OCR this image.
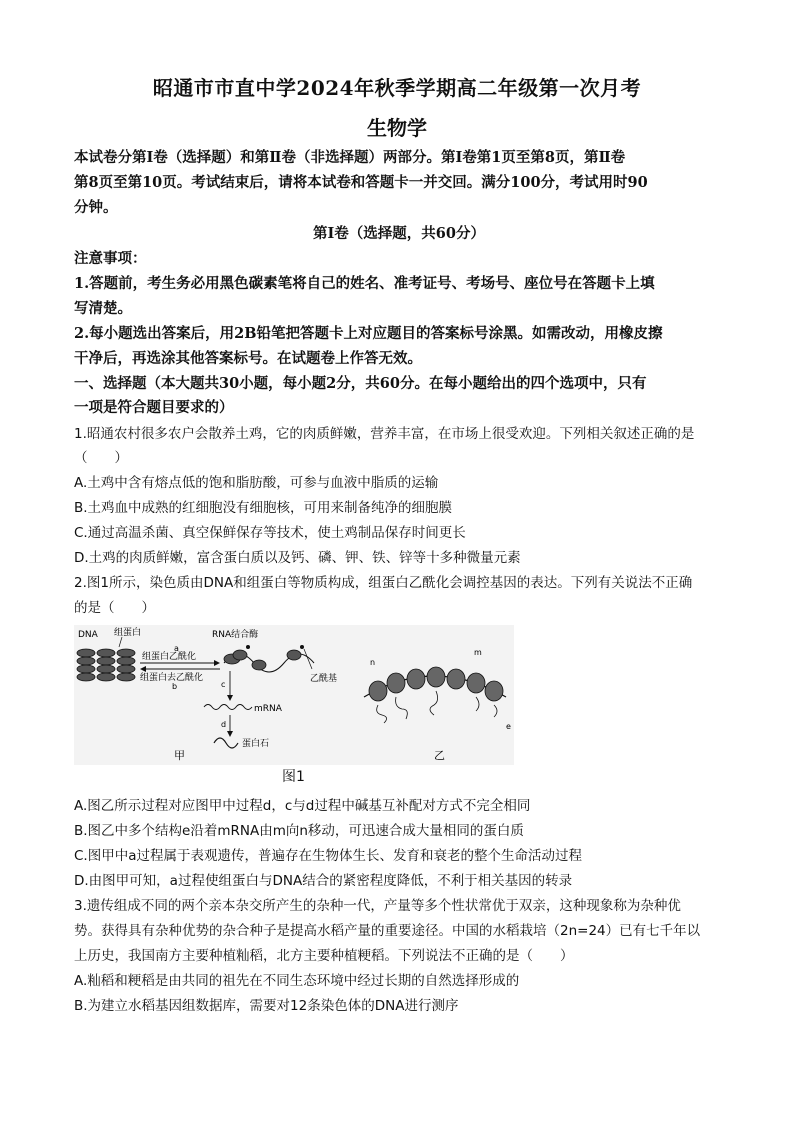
昭通市市直中学2024年秋季学期高二年级第一次月考
生物学
本试卷分第Ⅰ卷（选择题）和第Ⅱ卷（非选择题）两部分。第Ⅰ卷第1页至第8页，第Ⅱ卷
第8页至第10页。考试结束后，请将本试卷和答题卡一并交回。满分100分，考试用时90
分钟。
第Ⅰ卷（选择题，共60分）
注意事项：
1.答题前，考生务必用黑色碳素笔将自己的姓名、准考证号、考场号、座位号在答题卡上填
写清楚。
2.每小题选出答案后，用2B铅笔把答题卡上对应题目的答案标号涂黑。如需改动，用橡皮擦
干净后，再选涂其他答案标号。在试题卷上作答无效。
一、选择题（本大题共30小题，每小题2分，共60分。在每小题给出的四个选项中，只有
一项是符合题目要求的）
1.昭通农村很多农户会散养土鸡，它的肉质鲜嫩，营养丰富，在市场上很受欢迎。下列相关叙述正确的是
（　　）
A.土鸡中含有熔点低的饱和脂肪酸，可参与血液中脂质的运输
B.土鸡血中成熟的红细胞没有细胞核，可用来制备纯净的细胞膜
C.通过高温杀菌、真空保鲜保存等技术，使土鸡制品保存时间更长
D.土鸡的肉质鲜嫩，富含蛋白质以及钙、磷、钾、铁、锌等十多种微量元素
2.图1所示，染色质由DNA和组蛋白等物质构成，组蛋白乙酰化会调控基因的表达。下列有关说法不正确
的是（　　）
DNA 组蛋白
a
组蛋白乙酰化
组蛋白去乙酰化
b
RNA结合酶
乙酰基
c
mRNA
d
蛋白石
甲
n
m
e
乙
图1
A.图乙所示过程对应图甲中过程d，c与d过程中碱基互补配对方式不完全相同
B.图乙中多个结构e沿着mRNA由m向n移动，可迅速合成大量相同的蛋白质
C.图甲中a过程属于表观遗传，普遍存在生物体生长、发育和衰老的整个生命活动过程
D.由图甲可知，a过程使组蛋白与DNA结合的紧密程度降低，不利于相关基因的转录
3.遗传组成不同的两个亲本杂交所产生的杂种一代，产量等多个性状常优于双亲，这种现象称为杂种优
势。获得具有杂种优势的杂合种子是提高水稻产量的重要途径。中国的水稻栽培（2n=24）已有七千年以
上历史，我国南方主要种植籼稻，北方主要种植粳稻。下列说法不正确的是（　　）
A.籼稻和粳稻是由共同的祖先在不同生态环境中经过长期的自然选择形成的
B.为建立水稻基因组数据库，需要对12条染色体的DNA进行测序
